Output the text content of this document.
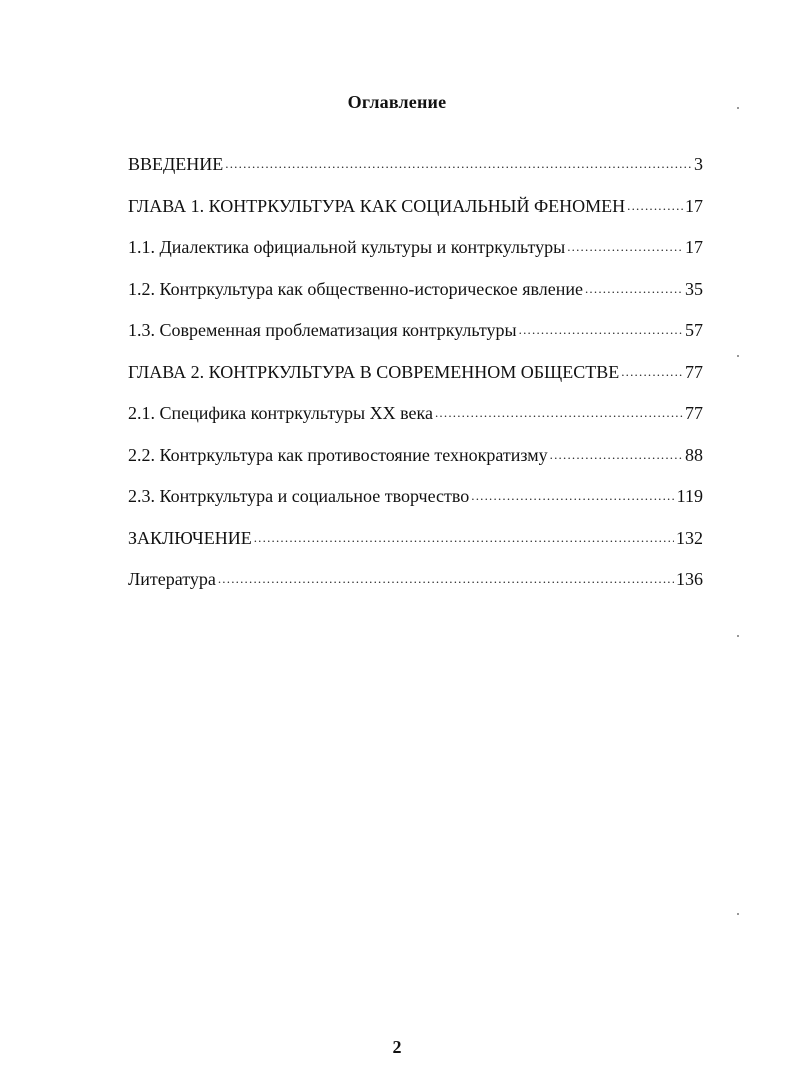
Оглавление
ВВЕДЕНИЕ .....	3
ГЛАВА 1. КОНТРКУЛЬТУРА КАК СОЦИАЛЬНЫЙ ФЕНОМЕН .....	17
1.1. Диалектика официальной культуры и контркультуры .....	17
1.2. Контркультура как общественно-историческое явление .....	35
1.3. Современная проблематизация контркультуры .....	57
ГЛАВА 2. КОНТРКУЛЬТУРА В СОВРЕМЕННОМ ОБЩЕСТВЕ .....	77
2.1. Специфика контркультуры XX века .....	77
2.2. Контркультура как противостояние технократизму .....	88
2.3. Контркультура и социальное творчество .....	119
ЗАКЛЮЧЕНИЕ .....	132
Литература .....	136
2
